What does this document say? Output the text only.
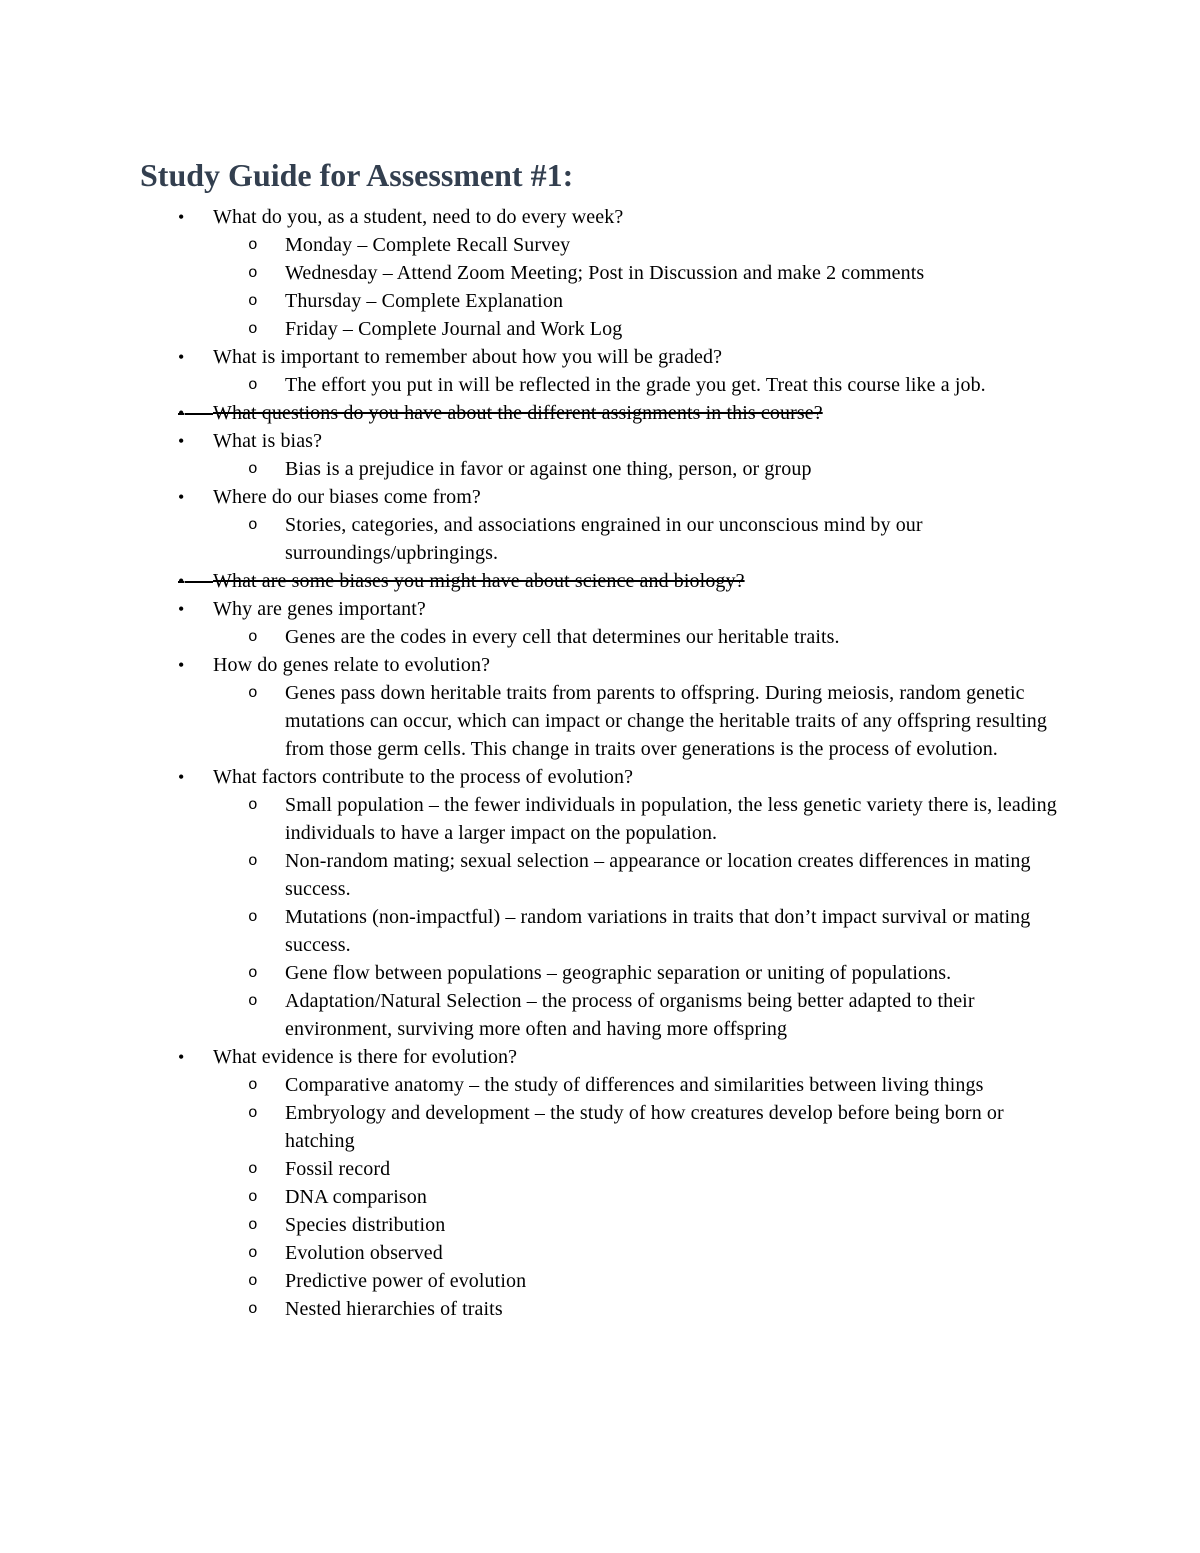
Study Guide for Assessment #1:
• What do you, as a student, need to do every week?
o Monday – Complete Recall Survey
o Wednesday – Attend Zoom Meeting; Post in Discussion and make 2 comments
o Thursday – Complete Explanation
o Friday – Complete Journal and Work Log
• What is important to remember about how you will be graded?
o The effort you put in will be reflected in the grade you get. Treat this course like a job.
• What questions do you have about the different assignments in this course?
• What is bias?
o Bias is a prejudice in favor or against one thing, person, or group
• Where do our biases come from?
o Stories, categories, and associations engrained in our unconscious mind by our surroundings/upbringings.
• What are some biases you might have about science and biology?
• Why are genes important?
o Genes are the codes in every cell that determines our heritable traits.
• How do genes relate to evolution?
o Genes pass down heritable traits from parents to offspring. During meiosis, random genetic mutations can occur, which can impact or change the heritable traits of any offspring resulting from those germ cells. This change in traits over generations is the process of evolution.
• What factors contribute to the process of evolution?
o Small population – the fewer individuals in population, the less genetic variety there is, leading individuals to have a larger impact on the population.
o Non-random mating; sexual selection – appearance or location creates differences in mating success.
o Mutations (non-impactful) – random variations in traits that don’t impact survival or mating success.
o Gene flow between populations – geographic separation or uniting of populations.
o Adaptation/Natural Selection – the process of organisms being better adapted to their environment, surviving more often and having more offspring
• What evidence is there for evolution?
o Comparative anatomy – the study of differences and similarities between living things
o Embryology and development – the study of how creatures develop before being born or hatching
o Fossil record
o DNA comparison
o Species distribution
o Evolution observed
o Predictive power of evolution
o Nested hierarchies of traits
